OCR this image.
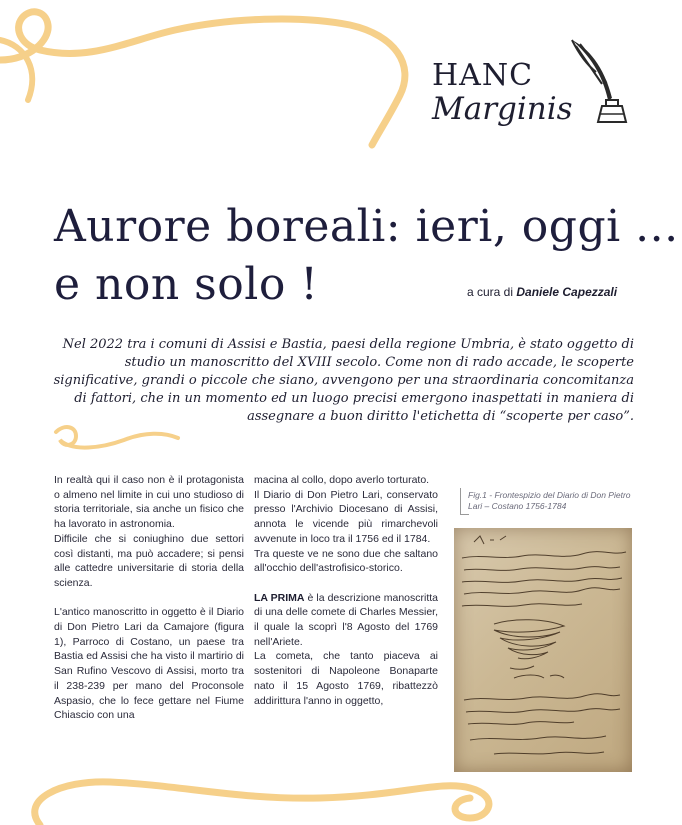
HANC
Marginis
Aurore boreali: ieri, oggi ...
e non solo !	a cura di Daniele Capezzali

Nel 2022 tra i comuni di Assisi e Bastia, paesi della regione Umbria, è stato oggetto di studio un manoscritto del XVIII secolo. Come non di rado accade, le scoperte significative, grandi o piccole che siano, avvengono per una straordinaria concomitanza di fattori, che in un momento ed un luogo precisi emergono inaspettati in maniera di assegnare a buon diritto l'etichetta di “scoperte per caso”.

In realtà qui il caso non è il protagonista o almeno nel limite in cui uno studioso di storia territoriale, sia anche un fisico che ha lavorato in astronomia.

Difficile che si coniughino due settori così distanti, ma può accadere; si pensi alle cattedre universitarie di storia della scienza.

L'antico manoscritto in oggetto è il Diario di Don Pietro Lari da Camajore (figura 1), Parroco di Costano, un paese tra Bastia ed Assisi che ha visto il martirio di San Rufino Vescovo di Assisi, morto tra il 238-239 per mano del Proconsole Aspasio, che lo fece gettare nel Fiume Chiascio con una

macina al collo, dopo averlo torturato.

Il Diario di Don Pietro Lari, conservato presso l'Archivio Diocesano di Assisi, annota le vicende più rimarchevoli avvenute in loco tra il 1756 ed il 1784.

Tra queste ve ne sono due che saltano all'occhio dell'astrofisico-storico.

LA PRIMA è la descrizione manoscritta di una delle comete di Charles Messier, il quale la scoprì l'8 Agosto del 1769 nell'Ariete.

La cometa, che tanto piaceva ai sostenitori di Napoleone Bonaparte nato il 15 Agosto 1769, ribattezzò addirittura l'anno in oggetto,

Fig.1 - Frontespizio del Diario di Don Pietro Lari – Costano 1756-1784
